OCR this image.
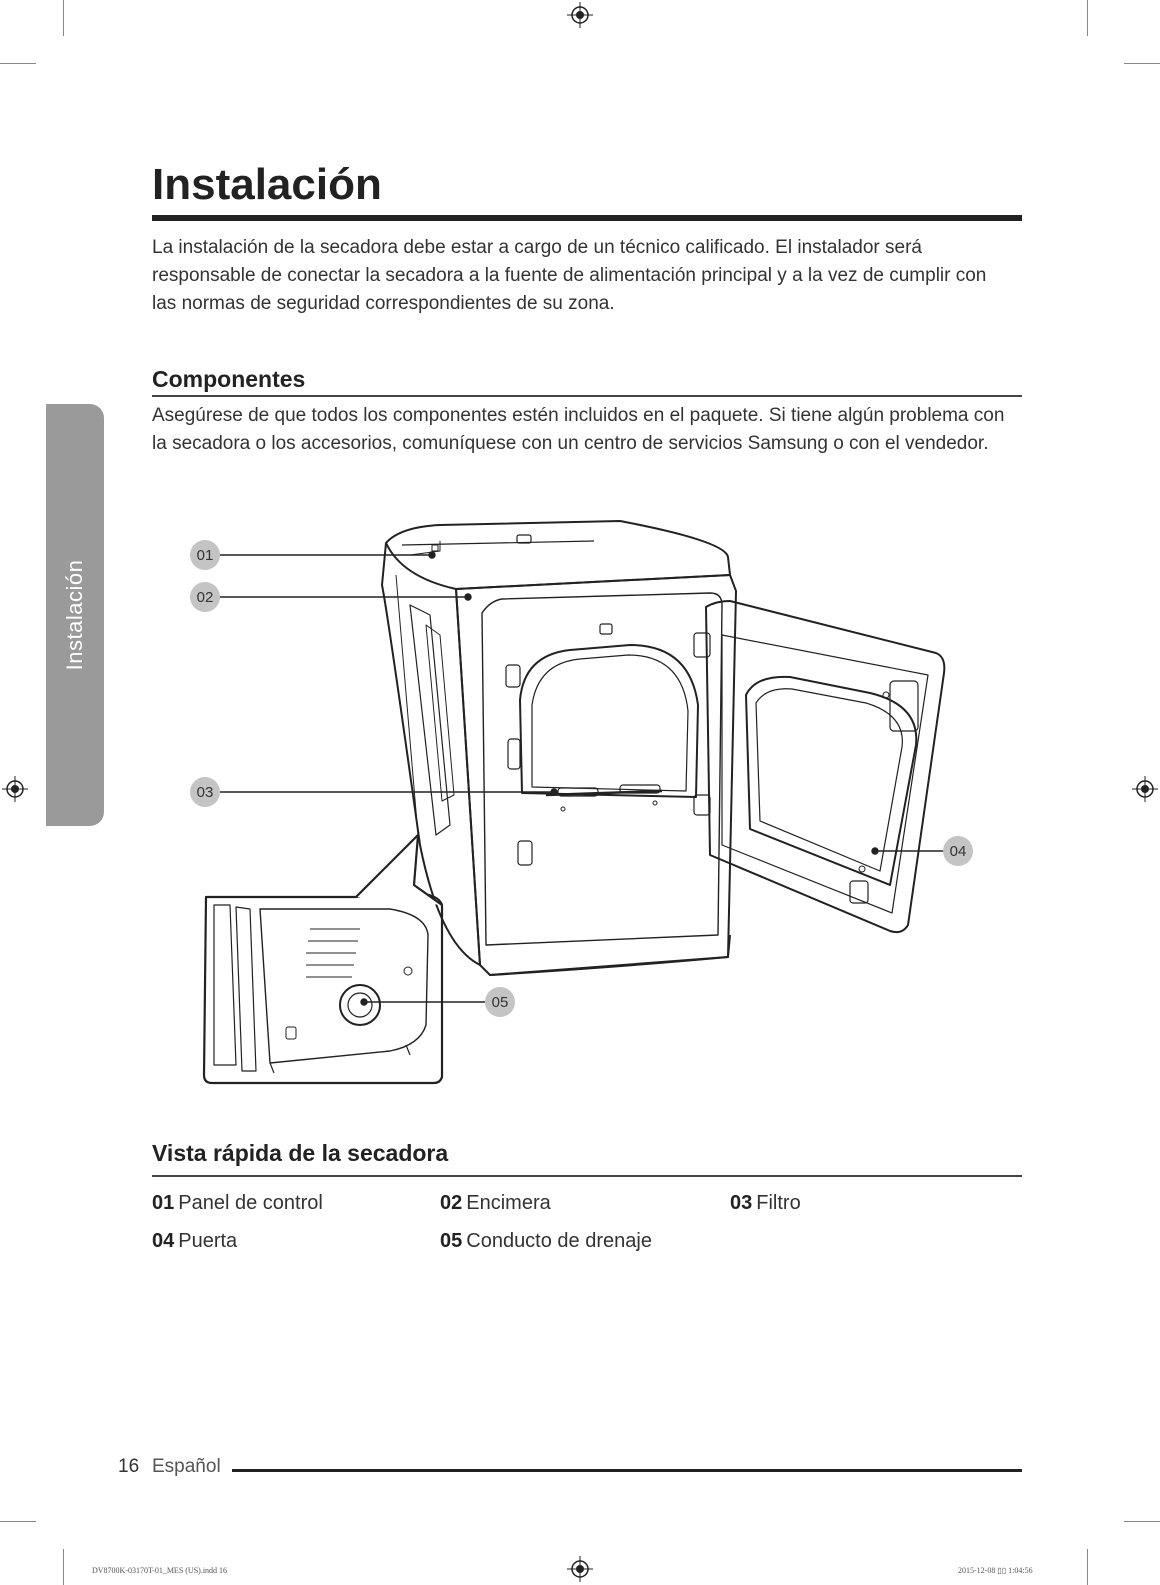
Instalación
Instalación

La instalación de la secadora debe estar a cargo de un técnico calificado. El instalador será responsable de conectar la secadora a la fuente de alimentación principal y a la vez de cumplir con las normas de seguridad correspondientes de su zona.

Componentes

Asegúrese de que todos los componentes estén incluidos en el paquete. Si tiene algún problema con la secadora o los accesorios, comuníquese con un centro de servicios Samsung o con el vendedor.

01
02
03
04
05
Vista rápida de la secadora
01 Panel de control	02 Encimera	03 Filtro
04 Puerta	05 Conducto de drenaje
16 Español
DV8700K-03170T-01_MES (US).indd 16	2015-12-08 ▯▯ 1:04:56
